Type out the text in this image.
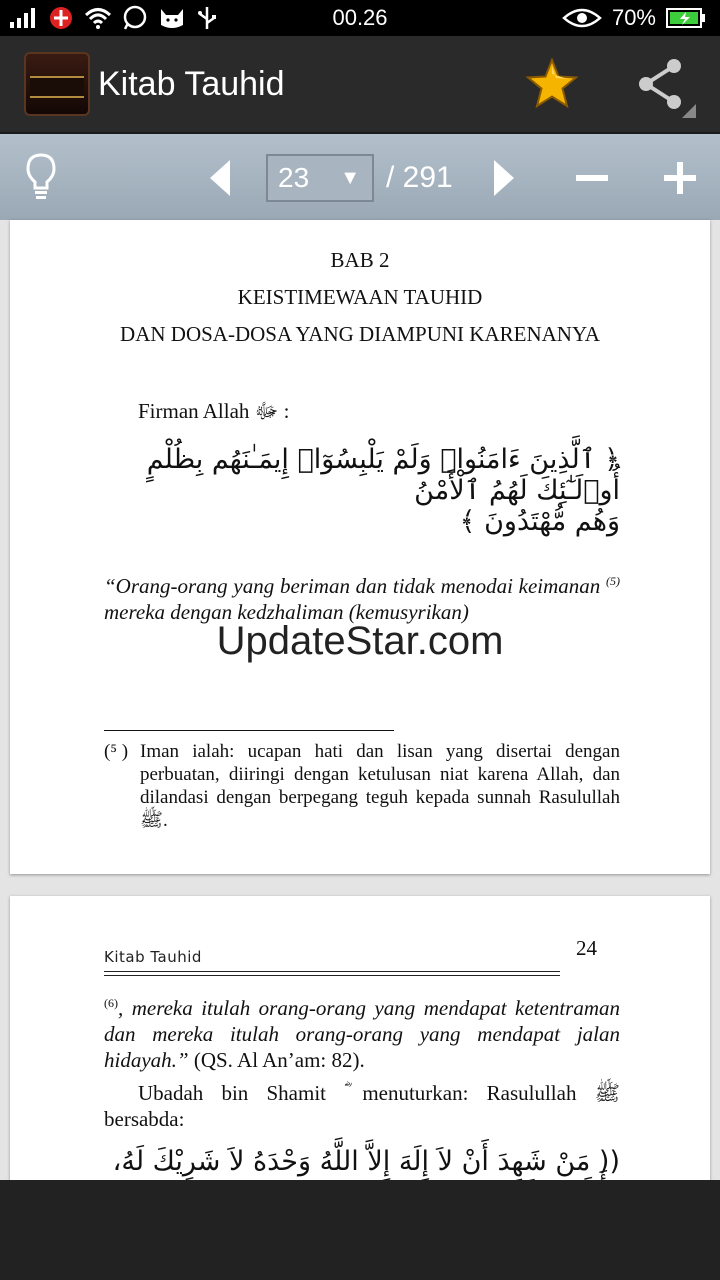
00.26	70%
Kitab Tauhid
23 ▼ / 291
BAB 2
KEISTIMEWAAN TAUHID
DAN DOSA-DOSA YANG DIAMPUNI KARENANYA
Firman Allah ﷻ :
﴿ ٱلَّذِينَ ءَامَنُوا۟ وَلَمْ يَلْبِسُوٓا۟ إِيمَـٰنَهُم بِظُلْمٍ أُو۟لَـٰٓئِكَ لَهُمُ ٱلْأَمْنُ
وَهُم مُّهْتَدُونَ ﴾
“Orang-orang yang beriman dan tidak menodai keimanan $^{(5)}$ mereka dengan kedzhaliman (kemusyrikan)
UpdateStar.com
(⁵ ) Iman ialah: ucapan hati dan lisan yang disertai dengan perbuatan, diiringi dengan ketulusan niat karena Allah, dan dilandasi dengan berpegang teguh kepada sunnah Rasulullah ﷺ.
Kitab Tauhid	24
$^{(6)}$, mereka itulah orang-orang yang mendapat ketentraman dan mereka itulah orang-orang yang mendapat jalan hidayah.” (QS. Al An’am: 82).
Ubadah bin Shamit ؓ menuturkan: Rasulullah ﷺ bersabda:
(( مَنْ شَهِدَ أَنْ لاَ إِلَهَ إِلاَّ اللَّهُ وَحْدَهُ لاَ شَرِيْكَ لَهُ،
